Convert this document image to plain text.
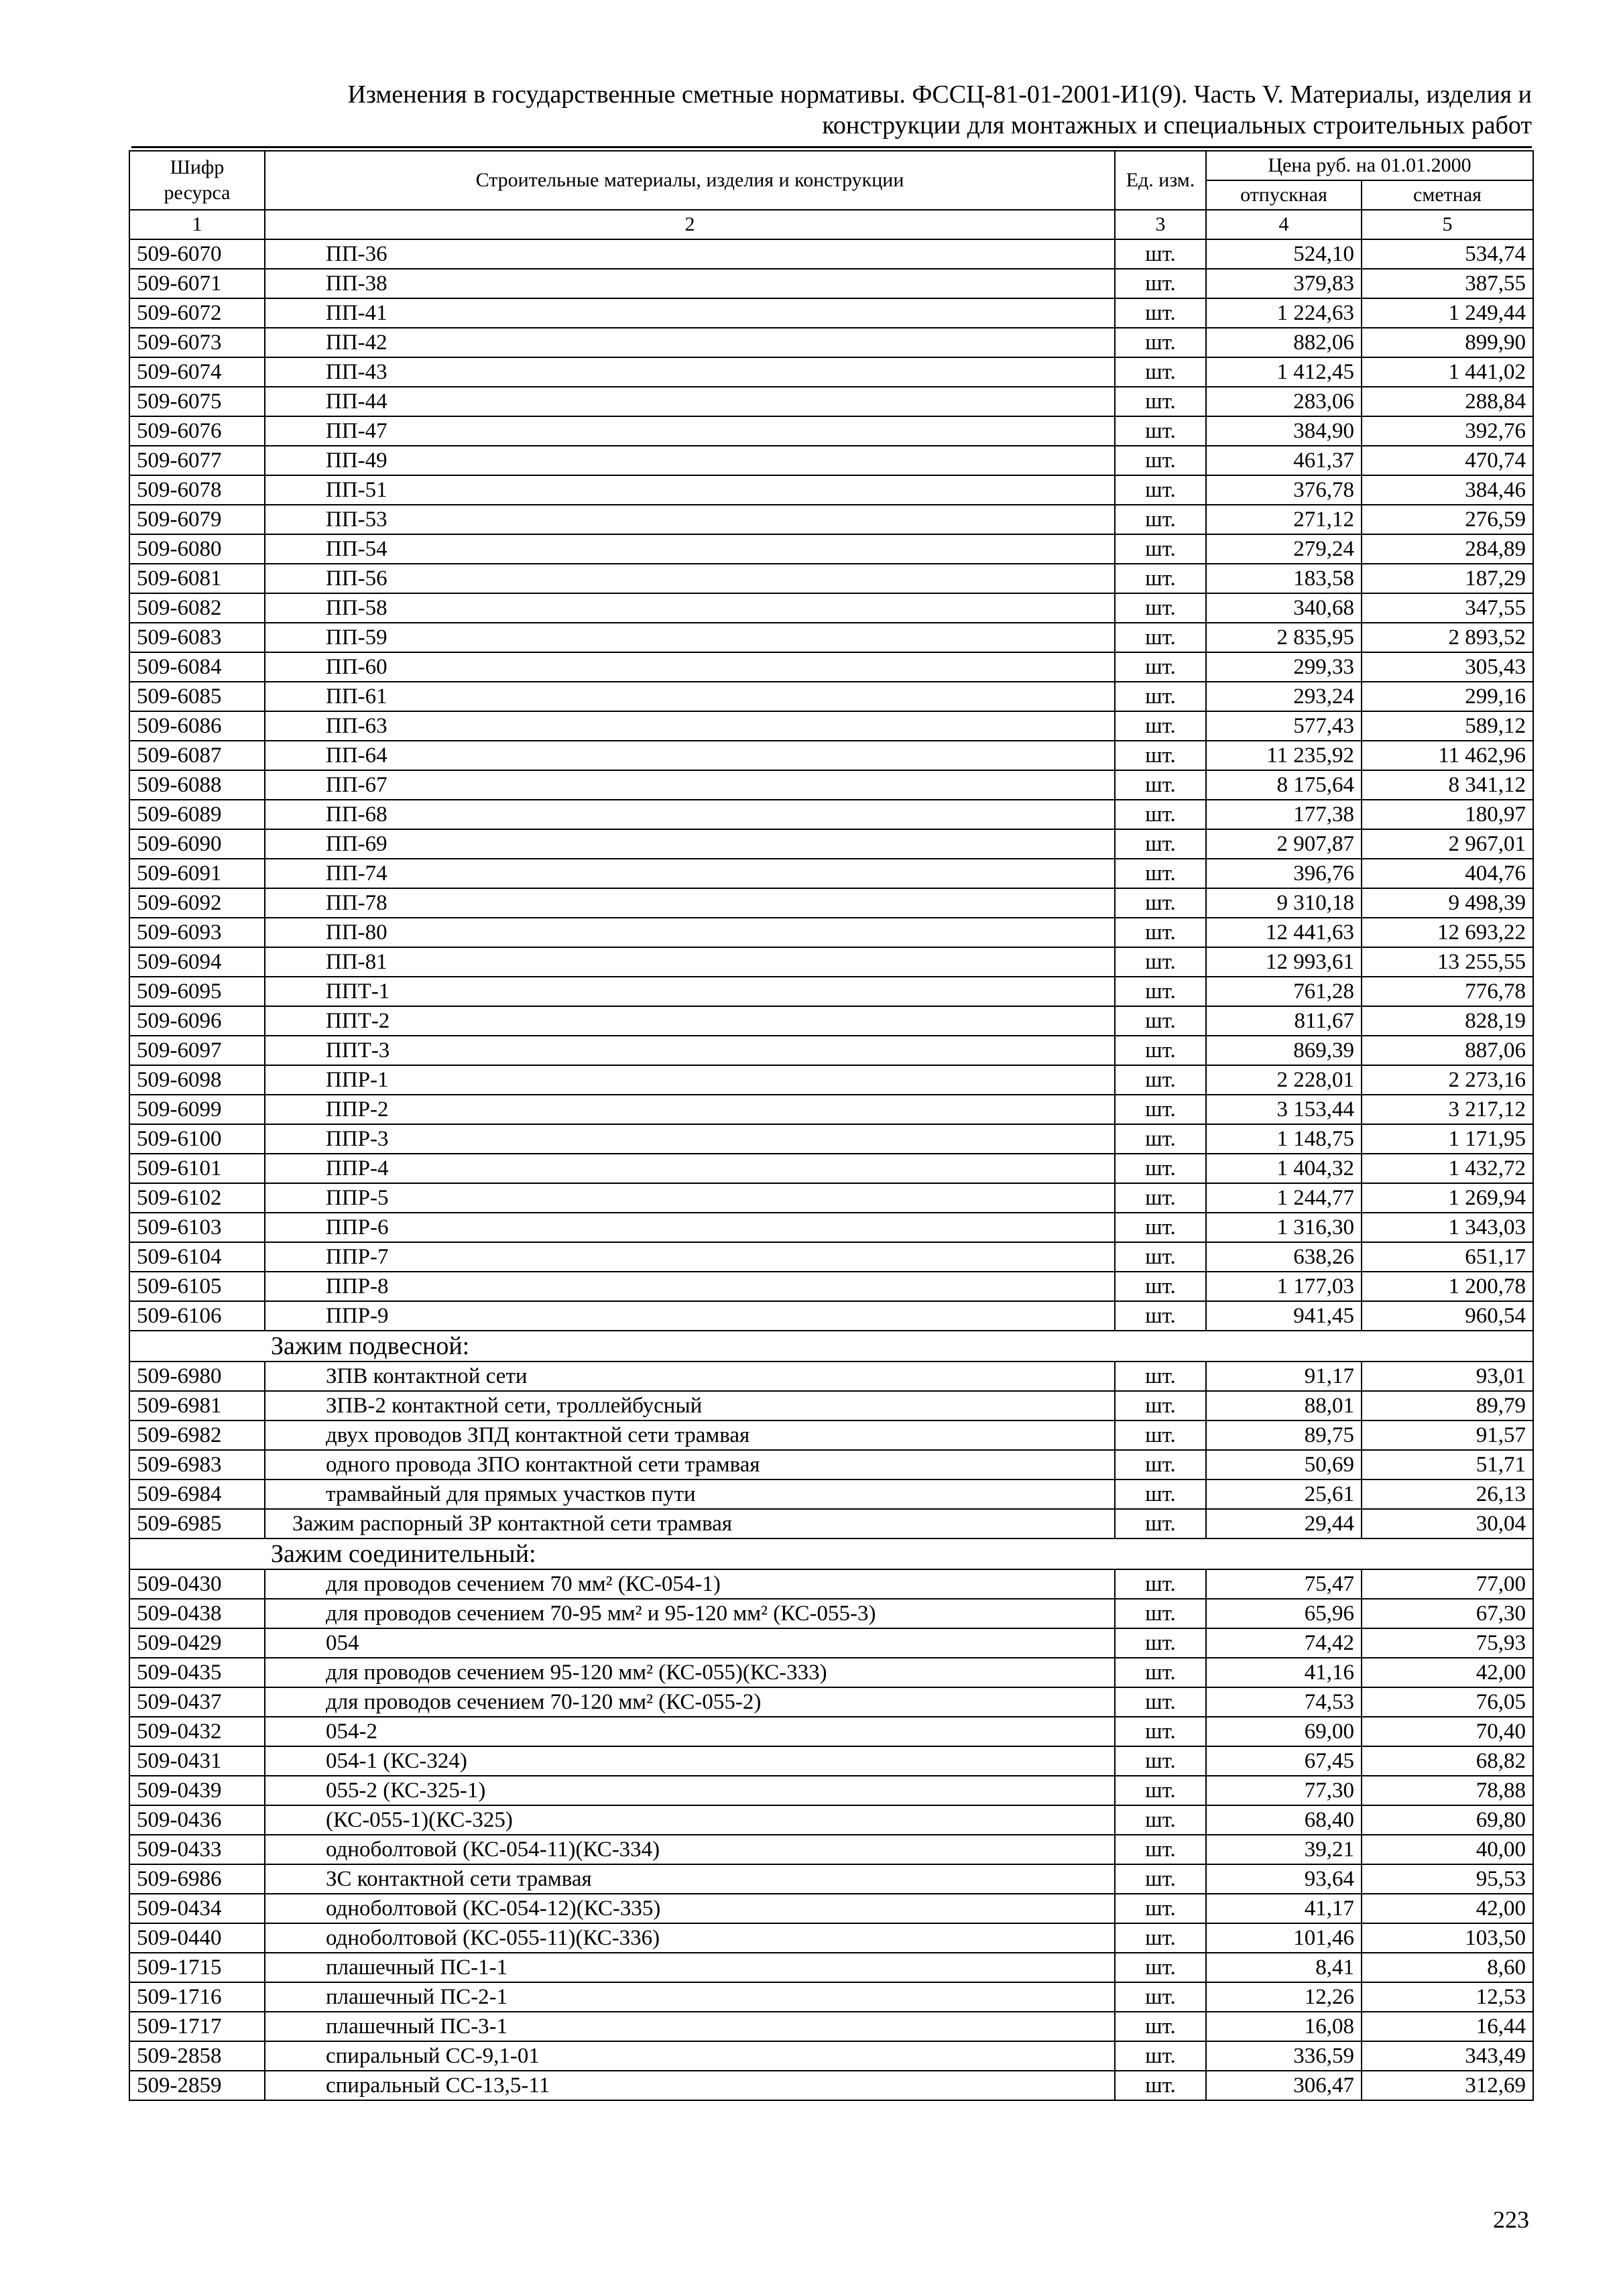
Изменения в государственные сметные нормативы. ФССЦ-81-01-2001-И1(9). Часть V. Материалы, изделия и
конструкции для монтажных и специальных строительных работ
Шифр ресурса	Строительные материалы, изделия и конструкции	Ед. изм.	Цена руб. на 01.01.2000	
			отпускная	сметная
1	2	3	4	5
509-6070	ПП-36	шт.	524,10	534,74
509-6071	ПП-38	шт.	379,83	387,55
509-6072	ПП-41	шт.	1 224,63	1 249,44
509-6073	ПП-42	шт.	882,06	899,90
509-6074	ПП-43	шт.	1 412,45	1 441,02
509-6075	ПП-44	шт.	283,06	288,84
509-6076	ПП-47	шт.	384,90	392,76
509-6077	ПП-49	шт.	461,37	470,74
509-6078	ПП-51	шт.	376,78	384,46
509-6079	ПП-53	шт.	271,12	276,59
509-6080	ПП-54	шт.	279,24	284,89
509-6081	ПП-56	шт.	183,58	187,29
509-6082	ПП-58	шт.	340,68	347,55
509-6083	ПП-59	шт.	2 835,95	2 893,52
509-6084	ПП-60	шт.	299,33	305,43
509-6085	ПП-61	шт.	293,24	299,16
509-6086	ПП-63	шт.	577,43	589,12
509-6087	ПП-64	шт.	11 235,92	11 462,96
509-6088	ПП-67	шт.	8 175,64	8 341,12
509-6089	ПП-68	шт.	177,38	180,97
509-6090	ПП-69	шт.	2 907,87	2 967,01
509-6091	ПП-74	шт.	396,76	404,76
509-6092	ПП-78	шт.	9 310,18	9 498,39
509-6093	ПП-80	шт.	12 441,63	12 693,22
509-6094	ПП-81	шт.	12 993,61	13 255,55
509-6095	ППТ-1	шт.	761,28	776,78
509-6096	ППТ-2	шт.	811,67	828,19
509-6097	ППТ-3	шт.	869,39	887,06
509-6098	ППР-1	шт.	2 228,01	2 273,16
509-6099	ППР-2	шт.	3 153,44	3 217,12
509-6100	ППР-3	шт.	1 148,75	1 171,95
509-6101	ППР-4	шт.	1 404,32	1 432,72
509-6102	ППР-5	шт.	1 244,77	1 269,94
509-6103	ППР-6	шт.	1 316,30	1 343,03
509-6104	ППР-7	шт.	638,26	651,17
509-6105	ППР-8	шт.	1 177,03	1 200,78
509-6106	ППР-9	шт.	941,45	960,54
Зажим подвесной:				
509-6980	ЗПВ контактной сети	шт.	91,17	93,01
509-6981	ЗПВ-2 контактной сети, троллейбусный	шт.	88,01	89,79
509-6982	двух проводов ЗПД контактной сети трамвая	шт.	89,75	91,57
509-6983	одного провода ЗПО контактной сети трамвая	шт.	50,69	51,71
509-6984	трамвайный для прямых участков пути	шт.	25,61	26,13
509-6985	Зажим распорный ЗР контактной сети трамвая	шт.	29,44	30,04
Зажим соединительный:				
509-0430	для проводов сечением 70 мм² (КС-054-1)	шт.	75,47	77,00
509-0438	для проводов сечением 70-95 мм² и 95-120 мм² (КС-055-3)	шт.	65,96	67,30
509-0429	054	шт.	74,42	75,93
509-0435	для проводов сечением 95-120 мм² (КС-055)(КС-333)	шт.	41,16	42,00
509-0437	для проводов сечением 70-120 мм² (КС-055-2)	шт.	74,53	76,05
509-0432	054-2	шт.	69,00	70,40
509-0431	054-1 (КС-324)	шт.	67,45	68,82
509-0439	055-2 (КС-325-1)	шт.	77,30	78,88
509-0436	(КС-055-1)(КС-325)	шт.	68,40	69,80
509-0433	одноболтовой (КС-054-11)(КС-334)	шт.	39,21	40,00
509-6986	ЗС контактной сети трамвая	шт.	93,64	95,53
509-0434	одноболтовой (КС-054-12)(КС-335)	шт.	41,17	42,00
509-0440	одноболтовой (КС-055-11)(КС-336)	шт.	101,46	103,50
509-1715	плашечный ПС-1-1	шт.	8,41	8,60
509-1716	плашечный ПС-2-1	шт.	12,26	12,53
509-1717	плашечный ПС-3-1	шт.	16,08	16,44
509-2858	спиральный СС-9,1-01	шт.	336,59	343,49
509-2859	спиральный СС-13,5-11	шт.	306,47	312,69
223
